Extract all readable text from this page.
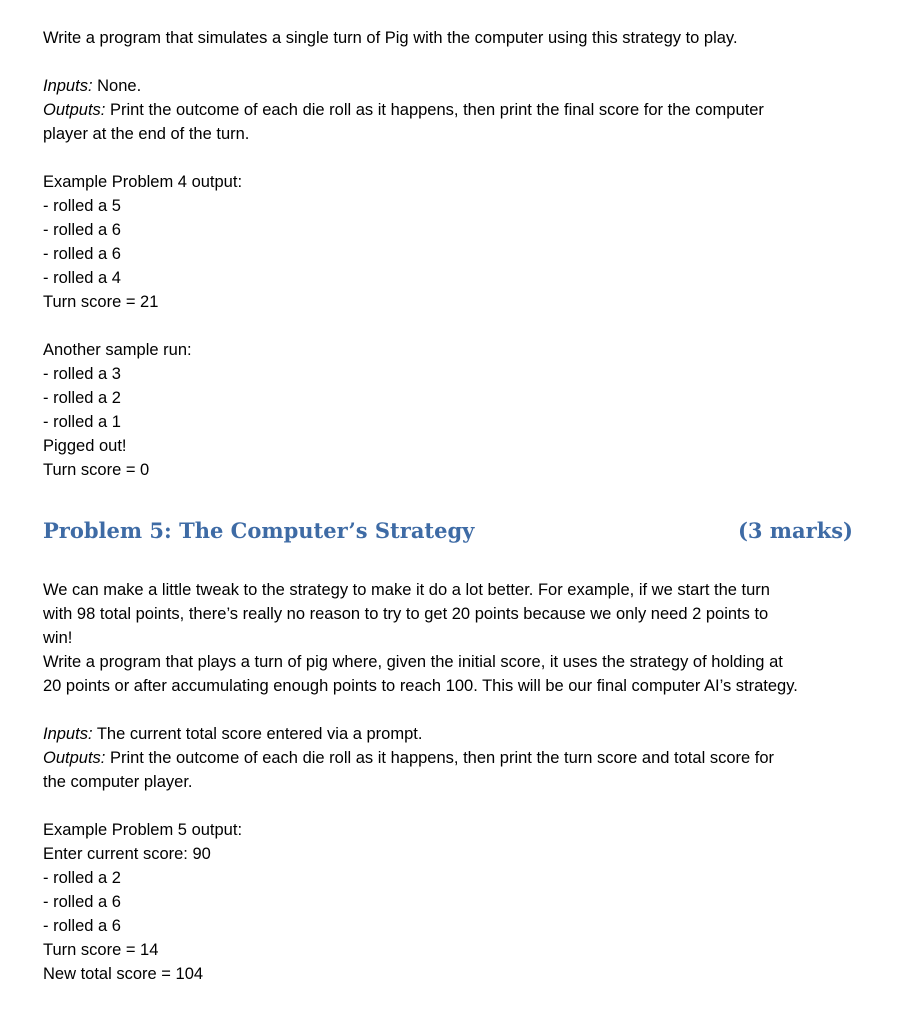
Write a program that simulates a single turn of Pig with the computer using this strategy to play.
Inputs: None.
Outputs: Print the outcome of each die roll as it happens, then print the final score for the computer
player at the end of the turn.
Example Problem 4 output:
- rolled a 5
- rolled a 6
- rolled a 6
- rolled a 4
Turn score = 21
Another sample run:
- rolled a 3
- rolled a 2
- rolled a 1
Pigged out!
Turn score = 0
Problem 5: The Computer’s Strategy	(3 marks)
We can make a little tweak to the strategy to make it do a lot better. For example, if we start the turn
with 98 total points, there’s really no reason to try to get 20 points because we only need 2 points to
win!
Write a program that plays a turn of pig where, given the initial score, it uses the strategy of holding at
20 points or after accumulating enough points to reach 100. This will be our final computer AI’s strategy.
Inputs: The current total score entered via a prompt.
Outputs: Print the outcome of each die roll as it happens, then print the turn score and total score for
the computer player.
Example Problem 5 output:
Enter current score: 90
- rolled a 2
- rolled a 6
- rolled a 6
Turn score = 14
New total score = 104
